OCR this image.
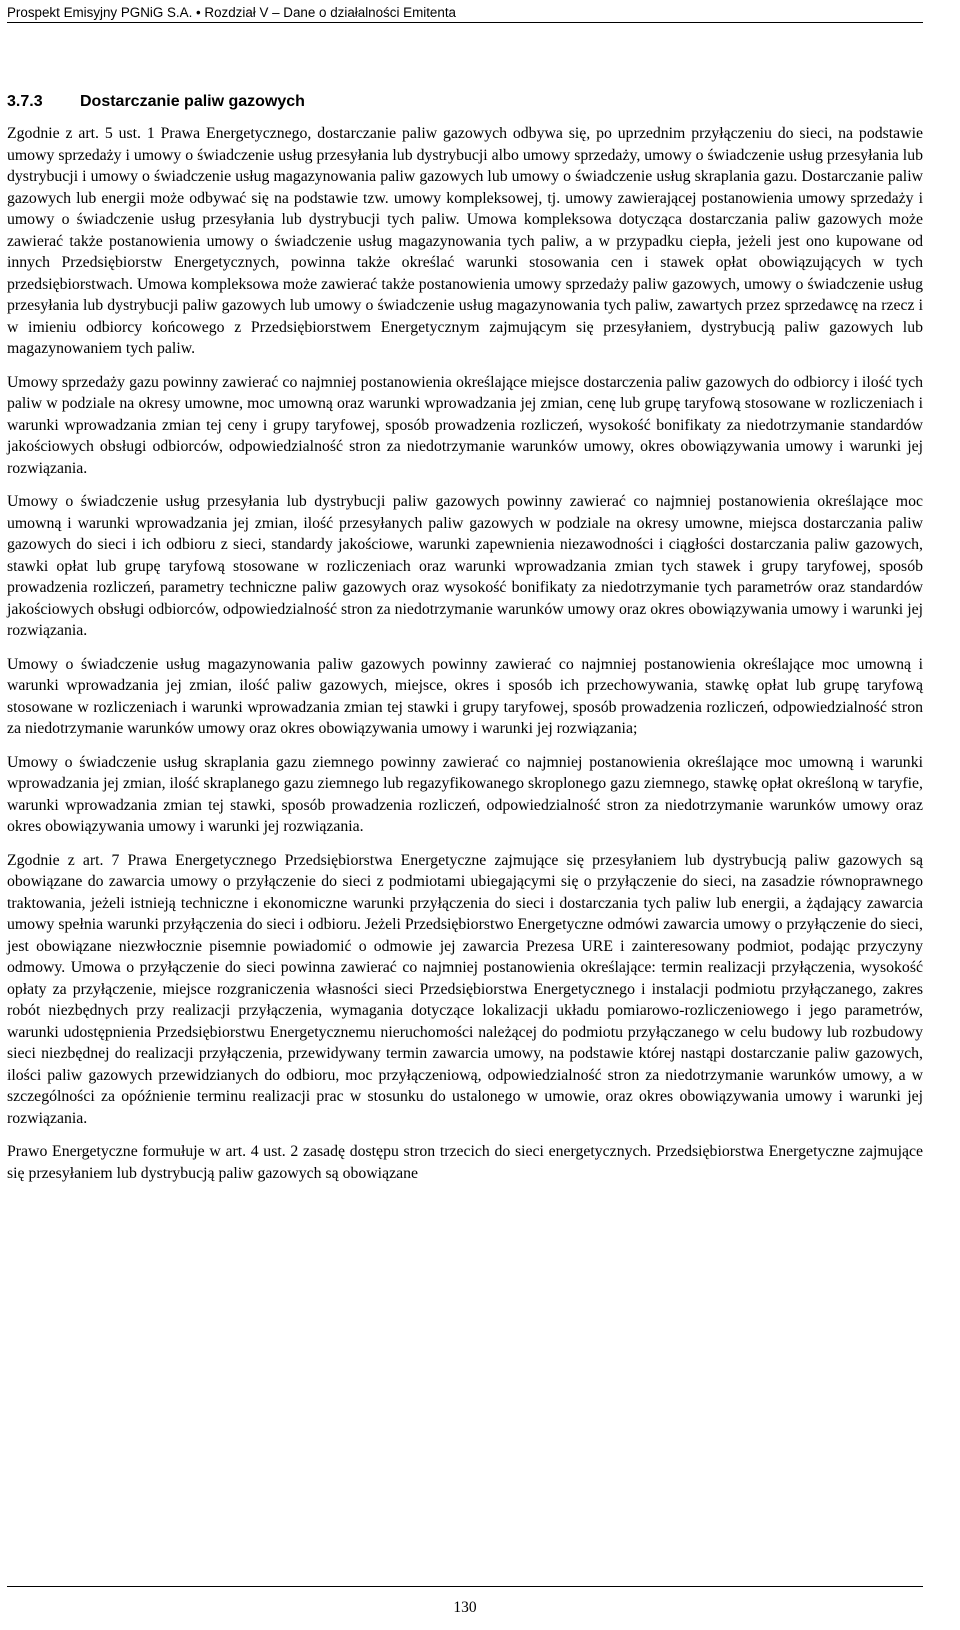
Prospekt Emisyjny PGNiG S.A. • Rozdział V – Dane o działalności Emitenta
3.7.3 Dostarczanie paliw gazowych

Zgodnie z art. 5 ust. 1 Prawa Energetycznego, dostarczanie paliw gazowych odbywa się, po uprzednim przyłączeniu do sieci, na podstawie umowy sprzedaży i umowy o świadczenie usług przesyłania lub dystrybucji albo umowy sprzedaży, umowy o świadczenie usług przesyłania lub dystrybucji i umowy o świadczenie usług magazynowania paliw gazowych lub umowy o świadczenie usług skraplania gazu. Dostarczanie paliw gazowych lub energii może odbywać się na podstawie tzw. umowy kompleksowej, tj. umowy zawierającej postanowienia umowy sprzedaży i umowy o świadczenie usług przesyłania lub dystrybucji tych paliw. Umowa kompleksowa dotycząca dostarczania paliw gazowych może zawierać także postanowienia umowy o świadczenie usług magazynowania tych paliw, a w przypadku ciepła, jeżeli jest ono kupowane od innych Przedsiębiorstw Energetycznych, powinna także określać warunki stosowania cen i stawek opłat obowiązujących w tych przedsiębiorstwach. Umowa kompleksowa może zawierać także postanowienia umowy sprzedaży paliw gazowych, umowy o świadczenie usług przesyłania lub dystrybucji paliw gazowych lub umowy o świadczenie usług magazynowania tych paliw, zawartych przez sprzedawcę na rzecz i w imieniu odbiorcy końcowego z Przedsiębiorstwem Energetycznym zajmującym się przesyłaniem, dystrybucją paliw gazowych lub magazynowaniem tych paliw.

Umowy sprzedaży gazu powinny zawierać co najmniej postanowienia określające miejsce dostarczenia paliw gazowych do odbiorcy i ilość tych paliw w podziale na okresy umowne, moc umowną oraz warunki wprowadzania jej zmian, cenę lub grupę taryfową stosowane w rozliczeniach i warunki wprowadzania zmian tej ceny i grupy taryfowej, sposób prowadzenia rozliczeń, wysokość bonifikaty za niedotrzymanie standardów jakościowych obsługi odbiorców, odpowiedzialność stron za niedotrzymanie warunków umowy, okres obowiązywania umowy i warunki jej rozwiązania.

Umowy o świadczenie usług przesyłania lub dystrybucji paliw gazowych powinny zawierać co najmniej postanowienia określające moc umowną i warunki wprowadzania jej zmian, ilość przesyłanych paliw gazowych w podziale na okresy umowne, miejsca dostarczania paliw gazowych do sieci i ich odbioru z sieci, standardy jakościowe, warunki zapewnienia niezawodności i ciągłości dostarczania paliw gazowych, stawki opłat lub grupę taryfową stosowane w rozliczeniach oraz warunki wprowadzania zmian tych stawek i grupy taryfowej, sposób prowadzenia rozliczeń, parametry techniczne paliw gazowych oraz wysokość bonifikaty za niedotrzymanie tych parametrów oraz standardów jakościowych obsługi odbiorców, odpowiedzialność stron za niedotrzymanie warunków umowy oraz okres obowiązywania umowy i warunki jej rozwiązania.

Umowy o świadczenie usług magazynowania paliw gazowych powinny zawierać co najmniej postanowienia określające moc umowną i warunki wprowadzania jej zmian, ilość paliw gazowych, miejsce, okres i sposób ich przechowywania, stawkę opłat lub grupę taryfową stosowane w rozliczeniach i warunki wprowadzania zmian tej stawki i grupy taryfowej, sposób prowadzenia rozliczeń, odpowiedzialność stron za niedotrzymanie warunków umowy oraz okres obowiązywania umowy i warunki jej rozwiązania;

Umowy o świadczenie usług skraplania gazu ziemnego powinny zawierać co najmniej postanowienia określające moc umowną i warunki wprowadzania jej zmian, ilość skraplanego gazu ziemnego lub regazyfikowanego skroplonego gazu ziemnego, stawkę opłat określoną w taryfie, warunki wprowadzania zmian tej stawki, sposób prowadzenia rozliczeń, odpowiedzialność stron za niedotrzymanie warunków umowy oraz okres obowiązywania umowy i warunki jej rozwiązania.

Zgodnie z art. 7 Prawa Energetycznego Przedsiębiorstwa Energetyczne zajmujące się przesyłaniem lub dystrybucją paliw gazowych są obowiązane do zawarcia umowy o przyłączenie do sieci z podmiotami ubiegającymi się o przyłączenie do sieci, na zasadzie równoprawnego traktowania, jeżeli istnieją techniczne i ekonomiczne warunki przyłączenia do sieci i dostarczania tych paliw lub energii, a żądający zawarcia umowy spełnia warunki przyłączenia do sieci i odbioru. Jeżeli Przedsiębiorstwo Energetyczne odmówi zawarcia umowy o przyłączenie do sieci, jest obowiązane niezwłocznie pisemnie powiadomić o odmowie jej zawarcia Prezesa URE i zainteresowany podmiot, podając przyczyny odmowy. Umowa o przyłączenie do sieci powinna zawierać co najmniej postanowienia określające: termin realizacji przyłączenia, wysokość opłaty za przyłączenie, miejsce rozgraniczenia własności sieci Przedsiębiorstwa Energetycznego i instalacji podmiotu przyłączanego, zakres robót niezbędnych przy realizacji przyłączenia, wymagania dotyczące lokalizacji układu pomiarowo-rozliczeniowego i jego parametrów, warunki udostępnienia Przedsiębiorstwu Energetycznemu nieruchomości należącej do podmiotu przyłączanego w celu budowy lub rozbudowy sieci niezbędnej do realizacji przyłączenia, przewidywany termin zawarcia umowy, na podstawie której nastąpi dostarczanie paliw gazowych, ilości paliw gazowych przewidzianych do odbioru, moc przyłączeniową, odpowiedzialność stron za niedotrzymanie warunków umowy, a w szczególności za opóźnienie terminu realizacji prac w stosunku do ustalonego w umowie, oraz okres obowiązywania umowy i warunki jej rozwiązania.

Prawo Energetyczne formułuje w art. 4 ust. 2 zasadę dostępu stron trzecich do sieci energetycznych. Przedsiębiorstwa Energetyczne zajmujące się przesyłaniem lub dystrybucją paliw gazowych są obowiązane

130
